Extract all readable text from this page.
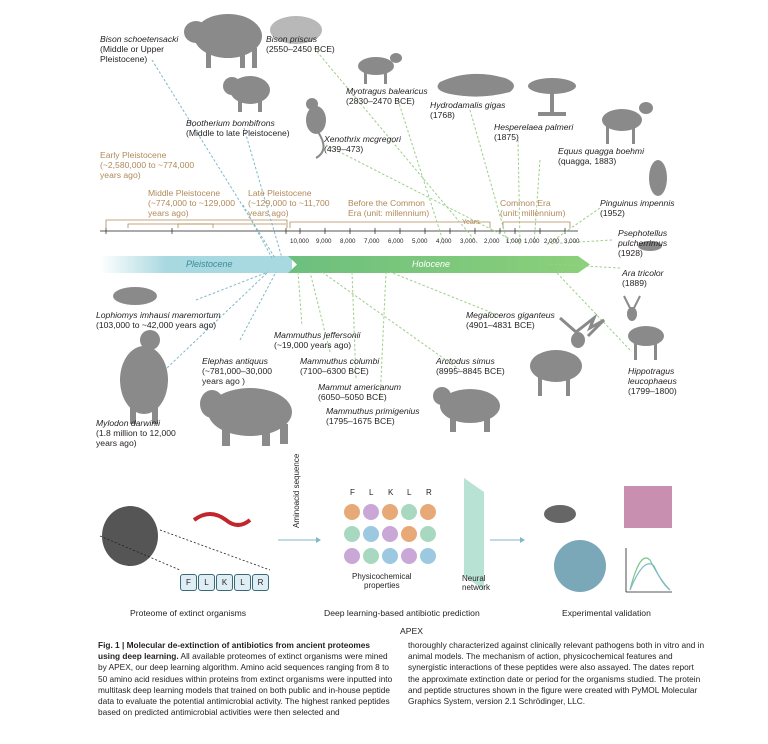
Early Pleistocene
(~2,580,000 to ~774,000
years ago)
Middle Pleistocene
(~774,000 to ~129,000
years ago)
Late Pleistocene
(~129,000 to ~11,700
years ago)
Before the Common
Era (unit: millennium)
Common Era
(unit: millennium)
Years
10,000 9,000 8,000 7,000 6,000 5,000 4,000 3,000 2,000 1,000 1,000 2,000 3,000
Pleistocene	Holocene
Bison schoetensacki
(Middle or Upper
Pleistocene)
Bison priscus
(2550–2450 BCE)
Myotragus balearicus
(2830–2470 BCE)	Hydrodamalis gigas
(1768)
Bootherium bombifrons
(Middle to late Pleistocene)
Xenothrix mcgregori
(439–473)
Hesperelaea palmeri
(1875)
Equus quagga boehmi
(quagga, 1883)
Pinguinus impennis
(1952)
Psephotellus
pulcherrimus
(1928)
Ara tricolor
(1889)
Lophiomys imhausi maremortum
(103,000 to ~42,000 years ago)
Mammuthus jeffersonii
(~19,000 years ago)
Mammuthus columbi
(7100–6300 BCE)
Elephas antiquus
(~781,000–30,000
years ago )
Megaloceros giganteus
(4901–4831 BCE)
Arctodus simus
(8995–8845 BCE)
Mammut americanum
(6050–5050 BCE)
Mammuthus primigenius
(1795–1675 BCE)
Mylodon darwinii
(1.8 million to 12,000
years ago)
Hippotragus
leucophaeus
(1799–1800)
F	L	K	L	R
F L K L R
Aminoacid sequence
Physicochemical
properties
Neural
network
Proteome of extinct organisms	Deep learning-based antibiotic prediction
APEX
Experimental validation
Fig. 1 | Molecular de-extinction of antibiotics from ancient proteomes using deep learning. All available proteomes of extinct organisms were mined by APEX, our deep learning algorithm. Amino acid sequences ranging from 8 to 50 amino acid residues within proteins from extinct organisms were inputted into multitask deep learning models that trained on both public and in-house peptide data to evaluate the potential antimicrobial activity. The highest ranked peptides based on predicted antimicrobial activities were then selected and
thoroughly characterized against clinically relevant pathogens both in vitro and in animal models. The mechanism of action, physicochemical features and synergistic interactions of these peptides were also assayed. The dates report the approximate extinction date or period for the organisms studied. The protein and peptide structures shown in the figure were created with PyMOL Molecular Graphics System, version 2.1 Schrödinger, LLC.
